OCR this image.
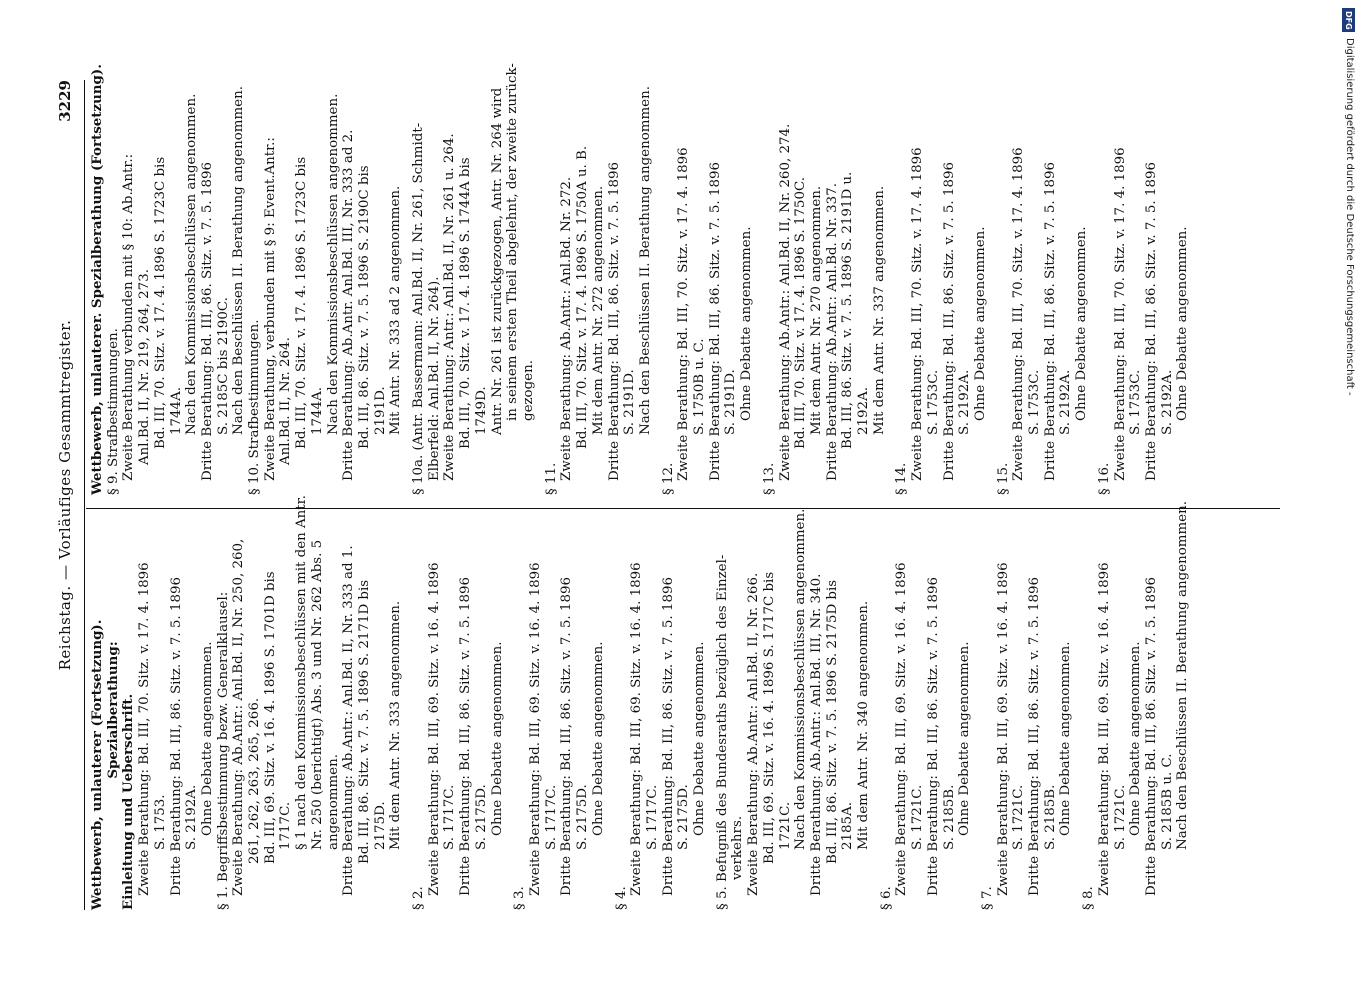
Reichstag. — Vorläufiges Gesammtregister.
3229
Wettbewerb, unlauterer (Fortsetzung). Spezialberathung: Einleitung und Ueberschrift. Zweite Berathung: Bd. III, 70. Sitz. v. 17. 4. 1896 S. 1753. Dritte Berathung: Bd. III, 86. Sitz. v. 7. 5. 1896 S. 2192A. Ohne Debatte angenommen. § 1. Begriffsbestimmung bezw. Generalklausel: Zweite Berathung: Ab.Antr.: Anl.Bd. II, Nr. 250, 260, 261, 262, 263, 265, 266. Bd. III, 69. Sitz. v. 16. 4. 1896 S. 1701D bis 1717C. § 1 nach den Kommissionsbeschlüssen mit den Antr. Nr. 250 (berichtigt) Abs. 3 und Nr. 262 Abs. 5 angenommen. Dritte Berathung: Ab.Antr.: Anl.Bd. II, Nr. 333 ad 1. Bd. III, 86. Sitz. v. 7. 5. 1896 S. 2171D bis 2175D. Mit dem Antr. Nr. 333 angenommen.
§ 2.
Zweite Berathung: Bd. III, 69. Sitz. v. 16. 4. 1896 S. 1717C. Dritte Berathung: Bd. III, 86. Sitz. v. 7. 5. 1896 S. 2175D. Ohne Debatte angenommen.
§ 3.
Zweite Berathung: Bd. III, 69. Sitz. v. 16. 4. 1896 S. 1717C. Dritte Berathung: Bd. III, 86. Sitz. v. 7. 5. 1896 S. 2175D. Ohne Debatte angenommen.
§ 4.
Zweite Berathung: Bd. III, 69. Sitz. v. 16. 4. 1896 S. 1717C. Dritte Berathung: Bd. III, 86. Sitz. v. 7. 5. 1896 S. 2175D. Ohne Debatte angenommen. § 5. Befugniß des Bundesraths bezüglich des Einzel- verkehrs. Zweite Berathung: Ab.Antr.: Anl.Bd. II, Nr. 266. Bd. III, 69. Sitz. v. 16. 4. 1896 S. 1717C bis 1721C. Nach den Kommissionsbeschlüssen angenommen. Dritte Berathung: Ab.Antr.: Anl.Bd. III, Nr. 340. Bd. III, 86. Sitz. v. 7. 5. 1896 S. 2175D bis 2185A. Mit dem Antr. Nr. 340 angenommen.
§ 6.
Zweite Berathung: Bd. III, 69. Sitz. v. 16. 4. 1896 S. 1721C. Dritte Berathung: Bd. III, 86. Sitz. v. 7. 5. 1896 S. 2185B. Ohne Debatte angenommen.
§ 7.
Zweite Berathung: Bd. III, 69. Sitz. v. 16. 4. 1896 S. 1721C. Dritte Berathung: Bd. III, 86. Sitz. v. 7. 5. 1896 S. 2185B. Ohne Debatte angenommen.
§ 8.
Zweite Berathung: Bd. III, 69. Sitz. v. 16. 4. 1896 S. 1721C. Ohne Debatte angenommen. Dritte Berathung: Bd. III, 86. Sitz. v. 7. 5. 1896 S. 2185B u. C. Nach den Beschlüssen II. Berathung angenommen.
Wettbewerb, unlauterer. Spezialberathung (Fortsetzung). § 9. Strafbestimmungen. Zweite Berathung verbunden mit § 10: Ab.Antr.: Anl.Bd. II, Nr. 219, 264, 273. Bd. III, 70. Sitz. v. 17. 4. 1896 S. 1723C bis 1744A. Nach den Kommissionsbeschlüssen angenommen. Dritte Berathung: Bd. III, 86. Sitz. v. 7. 5. 1896 S. 2185C bis 2190C. Nach den Beschlüssen II. Berathung angenommen. § 10. Strafbestimmungen. Zweite Berathung, verbunden mit § 9: Event.Antr.: Anl.Bd. II, Nr. 264. Bd. III, 70. Sitz. v. 17. 4. 1896 S. 1723C bis 1744A. Nach den Kommissionsbeschlüssen angenommen. Dritte Berathung: Ab.Antr. Anl.Bd. III, Nr. 333 ad 2. Bd. III, 86. Sitz. v. 7. 5. 1896 S. 2190C bis 2191D. Mit Antr. Nr. 333 ad 2 angenommen. § 10a. (Antr. Bassermann: Anl.Bd. II, Nr. 261, Schmidt- Elberfeld: Anl.Bd. II, Nr. 264). Zweite Berathung: Antr.: Anl.Bd. II, Nr. 261 u. 264. Bd. III, 70. Sitz. v. 17. 4. 1896 S. 1744A bis 1749D. Antr. Nr. 261 ist zurückgezogen, Antr. Nr. 264 wird in seinem ersten Theil abgelehnt, der zweite zurück- gezogen.
§ 11. Zweite Berathung: Ab.Antr.: Anl.Bd. Nr. 272. Bd. III, 70. Sitz. v. 17. 4. 1896 S. 1750A u. B. Mit dem Antr. Nr. 272 angenommen. Dritte Berathung: Bd. III, 86. Sitz. v. 7. 5. 1896 S. 2191D. Nach den Beschlüssen II. Berathung angenommen.
§ 12. Zweite Berathung: Bd. III, 70. Sitz. v. 17. 4. 1896 S. 1750B u. C. Dritte Berathung: Bd. III, 86. Sitz. v. 7. 5. 1896 S. 2191D. Ohne Debatte angenommen.
§ 13. Zweite Berathung: Ab.Antr.: Anl.Bd. II, Nr. 260, 274. Bd. III, 70. Sitz. v. 17. 4. 1896 S. 1750C. Mit dem Antr. Nr. 270 angenommen. Dritte Berathung: Ab.Antr.: Anl.Bd. Nr. 337. Bd. III, 86. Sitz. v. 7. 5. 1896 S. 2191D u. 2192A. Mit dem Antr. Nr. 337 angenommen.
§ 14. Zweite Berathung: Bd. III, 70. Sitz. v. 17. 4. 1896 S. 1753C. Dritte Berathung: Bd. III, 86. Sitz. v. 7. 5. 1896 S. 2192A. Ohne Debatte angenommen.
§ 15. Zweite Berathung: Bd. III, 70. Sitz. v. 17. 4. 1896 S. 1753C. Dritte Berathung: Bd. III, 86. Sitz. v. 7. 5. 1896 S. 2192A. Ohne Debatte angenommen.
§ 16. Zweite Berathung: Bd. III, 70. Sitz. v. 17. 4. 1896 S. 1753C. Dritte Berathung: Bd. III, 86. Sitz. v. 7. 5. 1896 S. 2192A. Ohne Debatte angenommen.
DFG
Digitalisierung gefördert durch die Deutsche Forschungsgemeinschaft -
